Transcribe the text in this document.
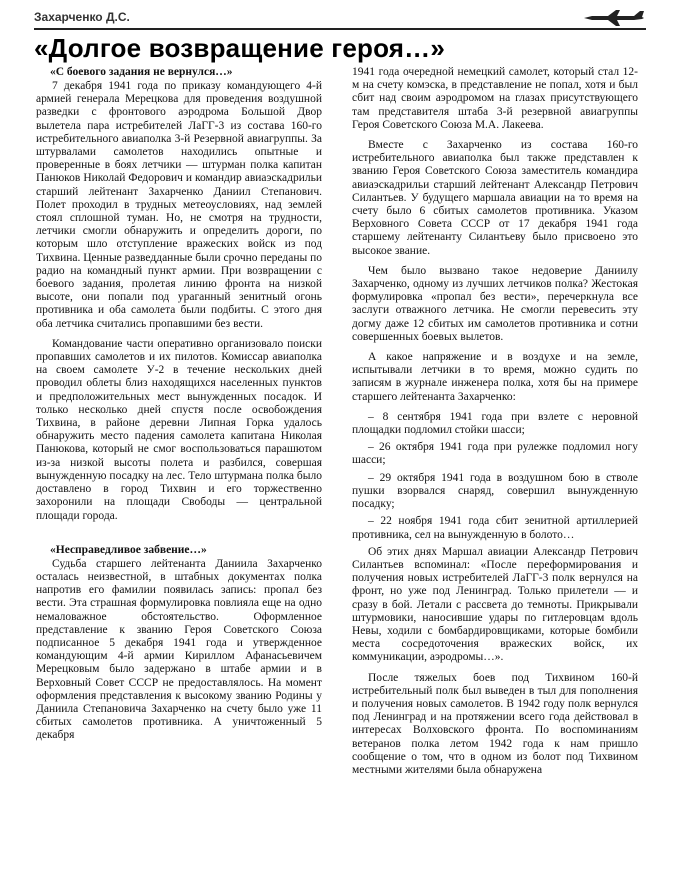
Захарченко Д.С.
«Долгое возвращение героя…»
«С боевого задания не вернулся…»

7 декабря 1941 года по приказу командующего 4-й армией генерала Мерецкова для проведения воздушной разведки с фронтового аэродрома Большой Двор вылетела пара истребителей ЛаГГ-3 из состава 160-го истребительного авиаполка 3-й Резервной авиагруппы. За штурвалами самолетов находились опытные и проверенные в боях летчики — штурман полка капитан Панюков Николай Федорович и командир авиаэскадрильи старший лейтенант Захарченко Даниил Степанович. Полет проходил в трудных метеоусловиях, над землей стоял сплошной туман. Но, не смотря на трудности, летчики смогли обнаружить и определить дороги, по которым шло отступление вражеских войск из под Тихвина. Ценные разведданные были срочно переданы по радио на командный пункт армии. При возвращении с боевого задания, пролетая линию фронта на низкой высоте, они попали под ураганный зенитный огонь противника и оба самолета были подбиты. С этого дня оба летчика считались пропавшими без вести.

Командование части оперативно организовало поиски пропавших самолетов и их пилотов. Комиссар авиаполка на своем самолете У-2 в течение нескольких дней проводил облеты близ находящихся населенных пунктов и предположительных мест вынужденных посадок. И только несколько дней спустя после освобождения Тихвина, в районе деревни Липная Горка удалось обнаружить место падения самолета капитана Николая Панюкова, который не смог воспользоваться парашютом из-за низкой высоты полета и разбился, совершая вынужденную посадку на лес. Тело штурмана полка было доставлено в город Тихвин и его торжественно захоронили на площади Свободы — центральной площади города.

«Несправедливое забвение…»

Судьба старшего лейтенанта Даниила Захарченко осталась неизвестной, в штабных документах полка напротив его фамилии появилась запись: пропал без вести. Эта страшная формулировка повлияла еще на одно немаловажное обстоятельство. Оформленное представление к званию Героя Советского Союза подписанное 5 декабря 1941 года и утвержденное командующим 4-й армии Кириллом Афанасьевичем Мерецковым было задержано в штабе армии и в Верховный Совет СССР не предоставлялось. На момент оформления представления к высокому званию Родины у Даниила Степановича Захарченко на счету было уже 11 сбитых самолетов противника. А уничтоженный 5 декабря

1941 года очередной немецкий самолет, который стал 12-м на счету комэска, в представление не попал, хотя и был сбит над своим аэродромом на глазах присутствующего там представителя штаба 3-й резервной авиагруппы Героя Советского Союза М.А. Лакеева.

Вместе с Захарченко из состава 160-го истребительного авиаполка был также представлен к званию Героя Советского Союза заместитель командира авиаэскадрильи старший лейтенант Александр Петрович Силантьев. У будущего маршала авиации на то время на счету было 6 сбитых самолетов противника. Указом Верховного Совета СССР от 17 декабря 1941 года старшему лейтенанту Силантьеву было присвоено это высокое звание.

Чем было вызвано такое недоверие Даниилу Захарченко, одному из лучших летчиков полка? Жестокая формулировка «пропал без вести», перечеркнула все заслуги отважного летчика. Не смогли перевесить эту догму даже 12 сбитых им самолетов противника и сотни совершенных боевых вылетов.

А какое напряжение и в воздухе и на земле, испытывали летчики в то время, можно судить по записям в журнале инженера полка, хотя бы на примере старшего лейтенанта Захарченко:

– 8 сентября 1941 года при взлете с неровной площадки подломил стойки шасси;

– 26 октября 1941 года при рулежке подломил ногу шасси;

– 29 октября 1941 года в воздушном бою в стволе пушки взорвался снаряд, совершил вынужденную посадку;

– 22 ноября 1941 года сбит зенитной артиллерией противника, сел на вынужденную в болото…

Об этих днях Маршал авиации Александр Петрович Силантьев вспоминал: «После переформирования и получения новых истребителей ЛаГГ-3 полк вернулся на фронт, но уже под Ленинград. Только прилетели — и сразу в бой. Летали с рассвета до темноты. Прикрывали штурмовики, наносившие удары по гитлеровцам вдоль Невы, ходили с бомбардировщиками, которые бомбили места сосредоточения вражеских войск, их коммуникации, аэродромы…».

После тяжелых боев под Тихвином 160-й истребительный полк был выведен в тыл для пополнения и получения новых самолетов. В 1942 году полк вернулся под Ленинград и на протяжении всего года действовал в интересах Волховского фронта. По воспоминаниям ветеранов полка летом 1942 года к нам пришло сообщение о том, что в одном из болот под Тихвином местными жителями была обнаружена
